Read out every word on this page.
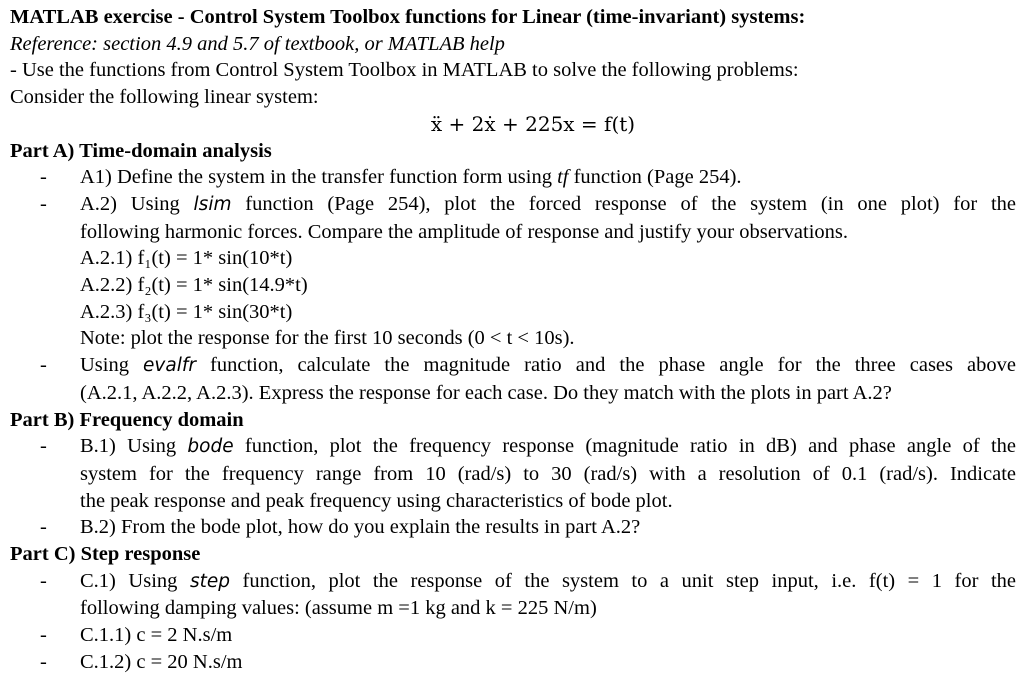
MATLAB exercise - Control System Toolbox functions for Linear (time-invariant) systems:
Reference: section 4.9 and 5.7 of textbook, or MATLAB help
- Use the functions from Control System Toolbox in MATLAB to solve the following problems:
Consider the following linear system:
ẍ + 2ẋ + 225x = f(t)
Part A) Time-domain analysis
- A1) Define the system in the transfer function form using tf function (Page 254).
- A.2) Using lsim function (Page 254), plot the forced response of the system (in one plot) for the
following harmonic forces. Compare the amplitude of response and justify your observations.
A.2.1) f₁(t) = 1* sin(10*t)
A.2.2) f₂(t) = 1* sin(14.9*t)
A.2.3) f₃(t) = 1* sin(30*t)
Note: plot the response for the first 10 seconds (0 < t < 10s).
- Using evalfr function, calculate the magnitude ratio and the phase angle for the three cases above
(A.2.1, A.2.2, A.2.3). Express the response for each case. Do they match with the plots in part A.2?
Part B) Frequency domain
- B.1) Using bode function, plot the frequency response (magnitude ratio in dB) and phase angle of the
system for the frequency range from 10 (rad/s) to 30 (rad/s) with a resolution of 0.1 (rad/s). Indicate
the peak response and peak frequency using characteristics of bode plot.
- B.2) From the bode plot, how do you explain the results in part A.2?
Part C) Step response
- C.1) Using step function, plot the response of the system to a unit step input, i.e. f(t) = 1 for the
following damping values: (assume m =1 kg and k = 225 N/m)
- C.1.1) c = 2 N.s/m
- C.1.2) c = 20 N.s/m
